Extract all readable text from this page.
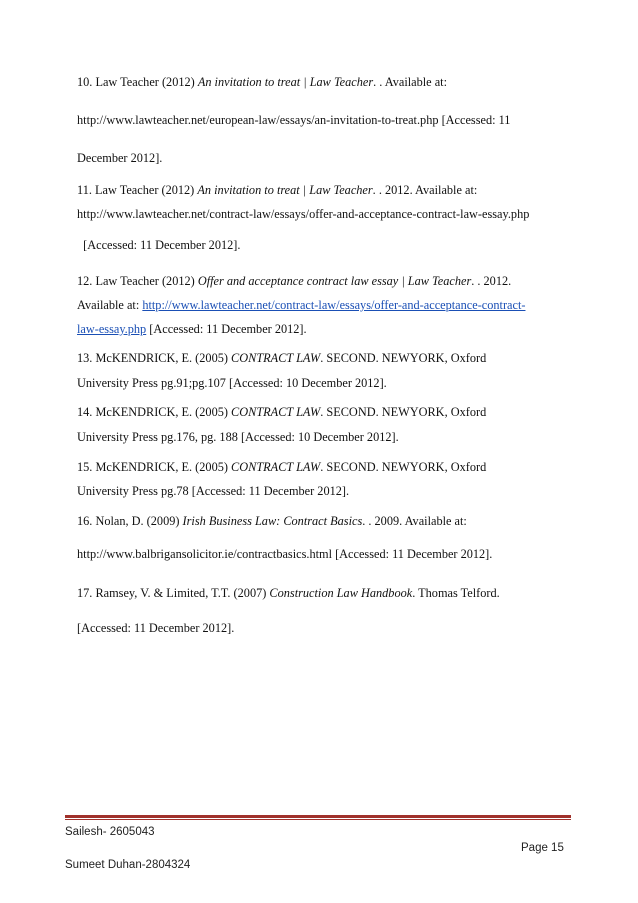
10. Law Teacher (2012) An invitation to treat | Law Teacher. . Available at:
http://www.lawteacher.net/european-law/essays/an-invitation-to-treat.php [Accessed: 11
December 2012].
11. Law Teacher (2012) An invitation to treat | Law Teacher. . 2012. Available at:
http://www.lawteacher.net/contract-law/essays/offer-and-acceptance-contract-law-essay.php
[Accessed: 11 December 2012].
12. Law Teacher (2012) Offer and acceptance contract law essay | Law Teacher. . 2012.
Available at: http://www.lawteacher.net/contract-law/essays/offer-and-acceptance-contract-
law-essay.php [Accessed: 11 December 2012].
13. McKENDRICK, E. (2005) CONTRACT LAW. SECOND. NEWYORK, Oxford
University Press pg.91;pg.107 [Accessed: 10 December 2012].
14. McKENDRICK, E. (2005) CONTRACT LAW. SECOND. NEWYORK, Oxford
University Press pg.176, pg. 188 [Accessed: 10 December 2012].
15. McKENDRICK, E. (2005) CONTRACT LAW. SECOND. NEWYORK, Oxford
University Press pg.78 [Accessed: 11 December 2012].
16. Nolan, D. (2009) Irish Business Law: Contract Basics. . 2009. Available at:
http://www.balbrigansolicitor.ie/contractbasics.html [Accessed: 11 December 2012].
17. Ramsey, V. & Limited, T.T. (2007) Construction Law Handbook. Thomas Telford.
[Accessed: 11 December 2012].
Sailesh- 2605043
Page 15
Sumeet Duhan-2804324
